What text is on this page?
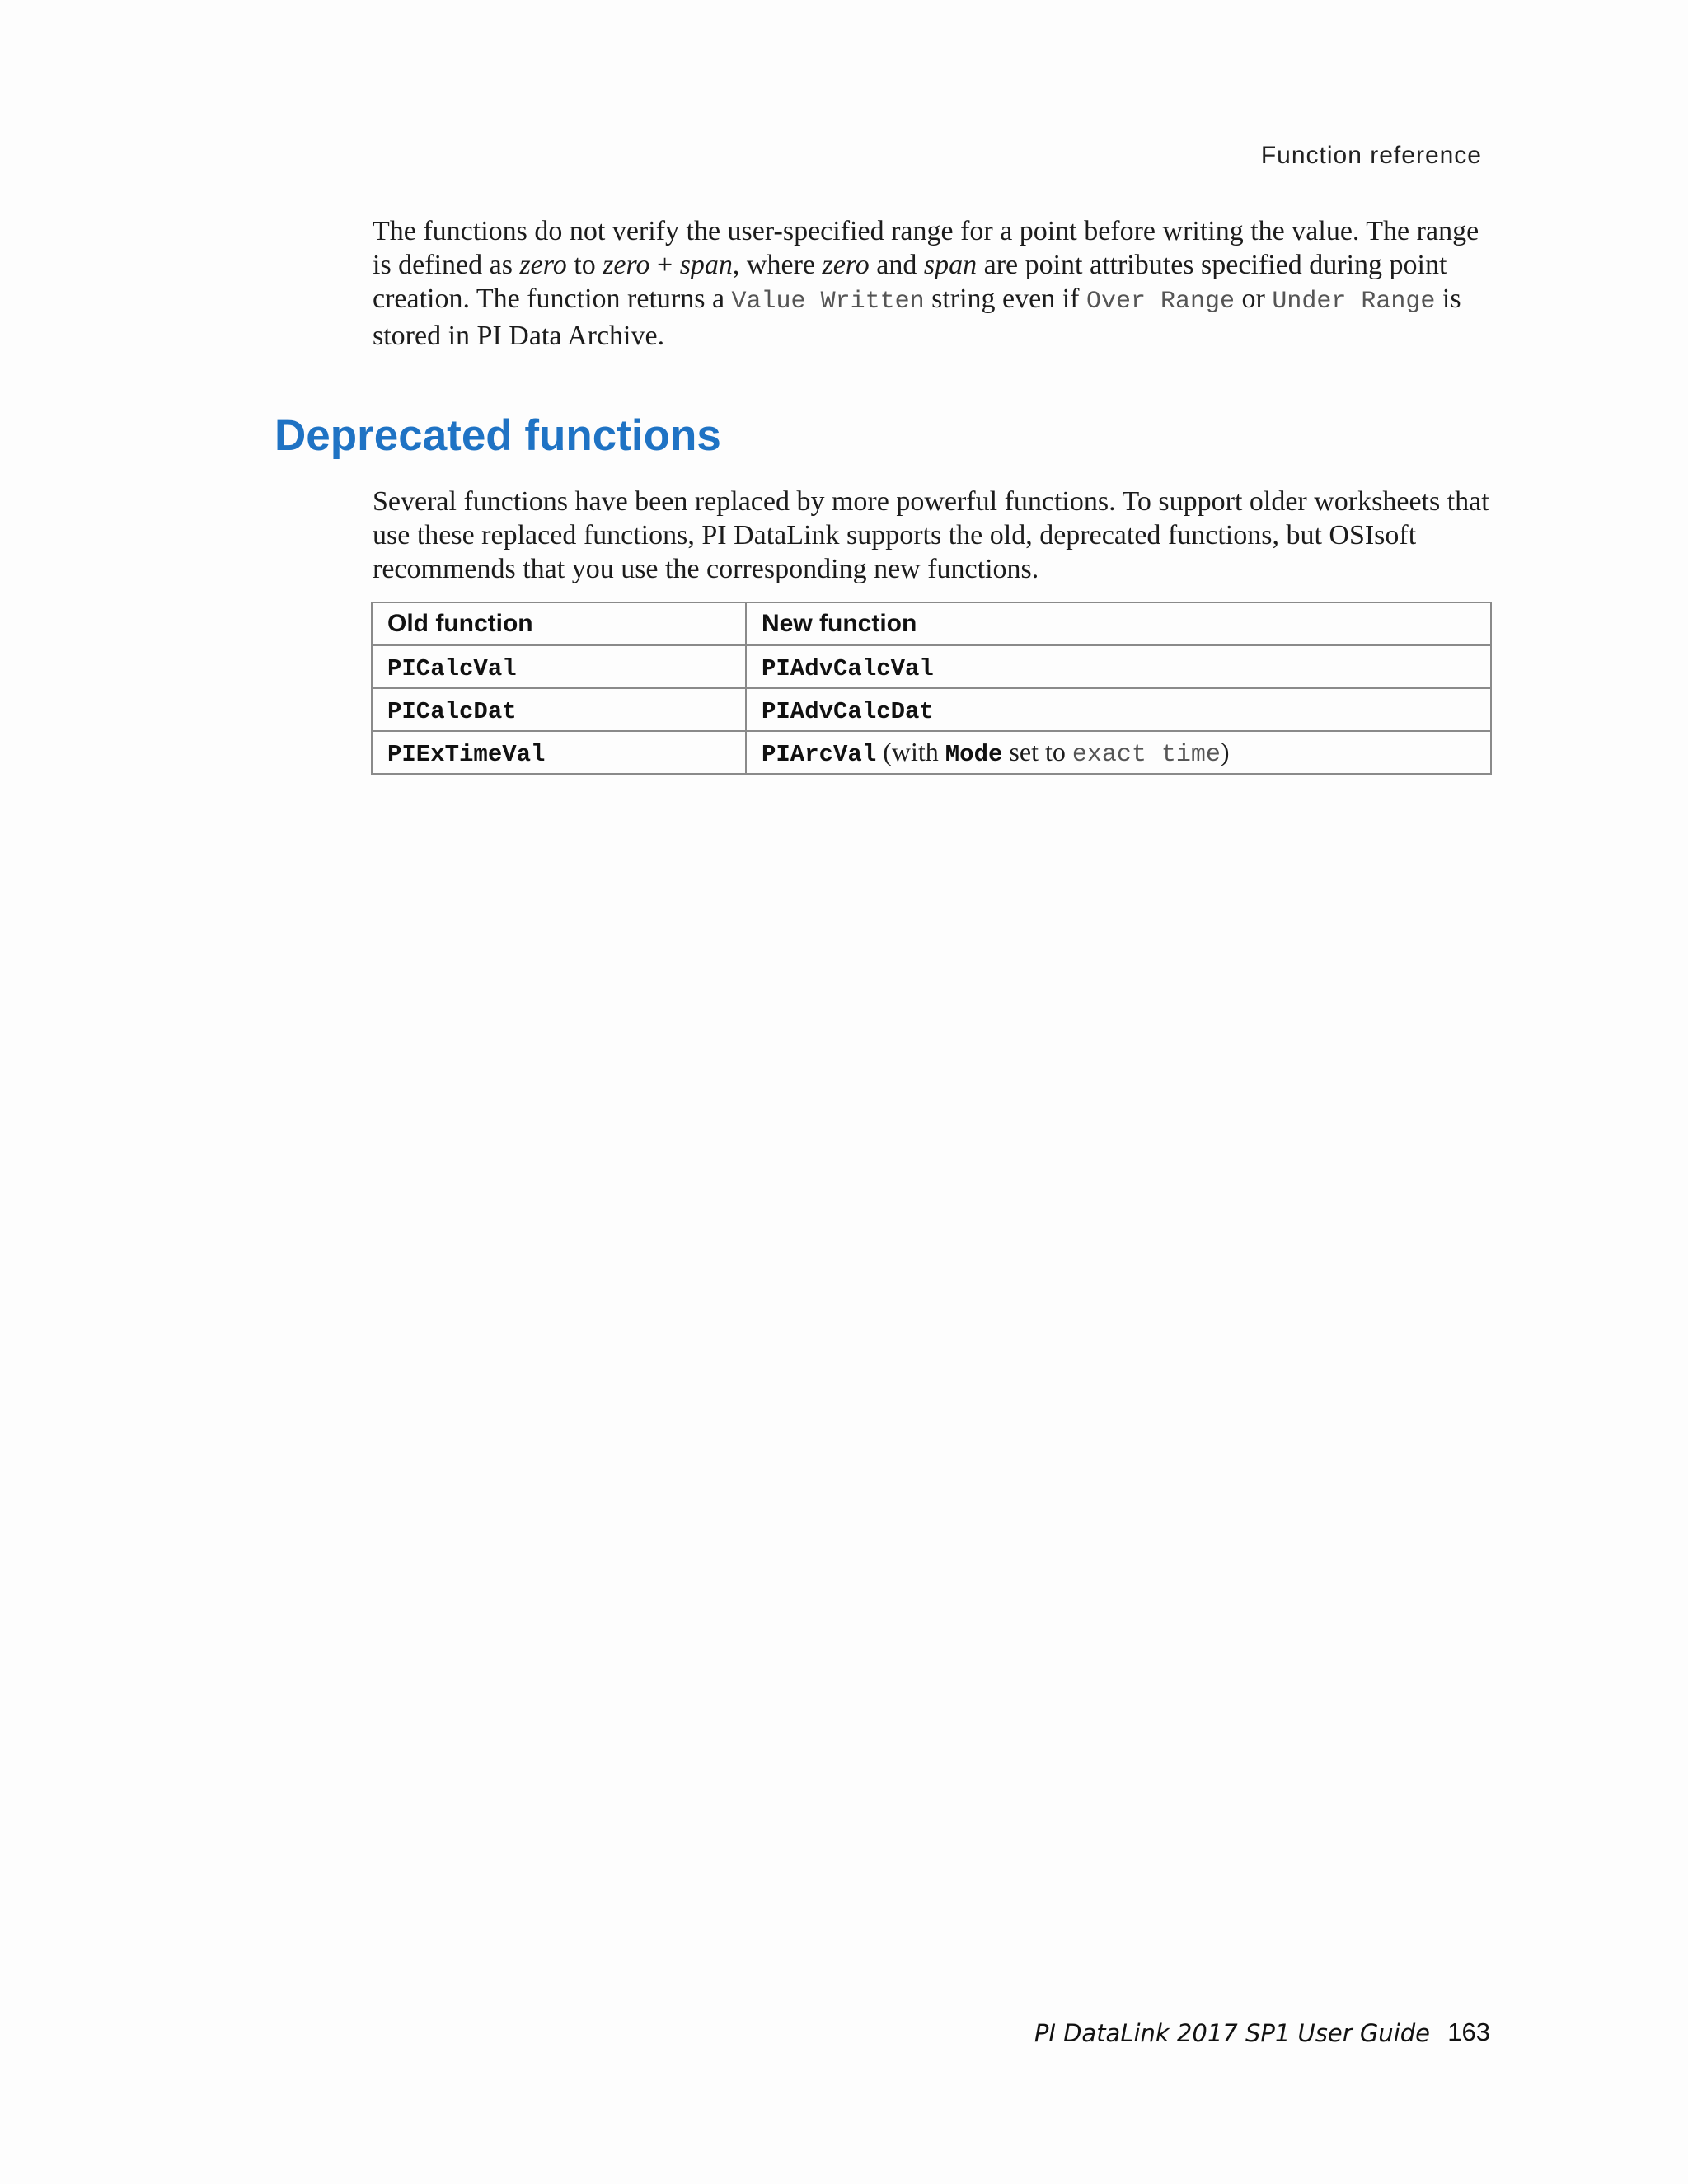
Function reference

The functions do not verify the user-specified range for a point before writing the value. The range is defined as zero to zero + span, where zero and span are point attributes specified during point creation. The function returns a Value Written string even if Over Range or Under Range is stored in PI Data Archive.

Deprecated functions

Several functions have been replaced by more powerful functions. To support older worksheets that use these replaced functions, PI DataLink supports the old, deprecated functions, but OSIsoft recommends that you use the corresponding new functions.

Old function	New function
PICalcVal	PIAdvCalcVal
PICalcDat	PIAdvCalcDat
PIExTimeVal	PIArcVal (with Mode set to exact time)
PI DataLink 2017 SP1 User Guide 163
